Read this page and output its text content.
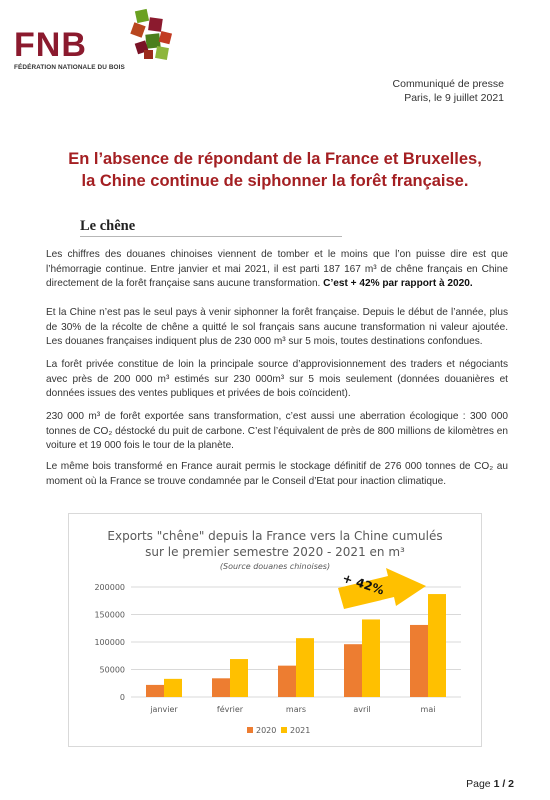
FNB
FÉDÉRATION NATIONALE DU BOIS
Communiqué de presse
Paris, le 9 juillet 2021
En l’absence de répondant de la France et Bruxelles,
la Chine continue de siphonner la forêt française.
Le chêne
Les chiffres des douanes chinoises viennent de tomber et le moins que l’on puisse dire est que l’hémorragie continue. Entre janvier et mai 2021, il est parti 187 167 m³ de chêne français en Chine directement de la forêt française sans aucune transformation. C’est + 42% par rapport à 2020.
Et la Chine n’est pas le seul pays à venir siphonner la forêt française. Depuis le début de l’année, plus de 30% de la récolte de chêne a quitté le sol français sans aucune transformation ni valeur ajoutée. Les douanes françaises indiquent plus de 230 000 m³ sur 5 mois, toutes destinations confondues.
La forêt privée constitue de loin la principale source d’approvisionnement des traders et négociants avec près de 200 000 m³ estimés sur 230 000m³ sur 5 mois seulement (données douanières et données issues des ventes publiques et privées de bois coïncident).
230 000 m³ de forêt exportée sans transformation, c’est aussi une aberration écologique : 300 000 tonnes de CO₂ déstocké du puit de carbone. C’est l’équivalent de près de 800 millions de kilomètres en voiture et 19 000 fois le tour de la planète.
Le même bois transformé en France aurait permis le stockage définitif de 276 000 tonnes de CO₂ au moment où la France se trouve condamnée par le Conseil d’Etat pour inaction climatique.
Exports "chêne" depuis la France vers la Chine cumulés
sur le premier semestre 2020 - 2021 en m³
(Source douanes chinoises)
0
50000
100000
150000
200000
janvier	février	mars	avril	mai
+ 42%
2020 2021
Page 1 / 2
